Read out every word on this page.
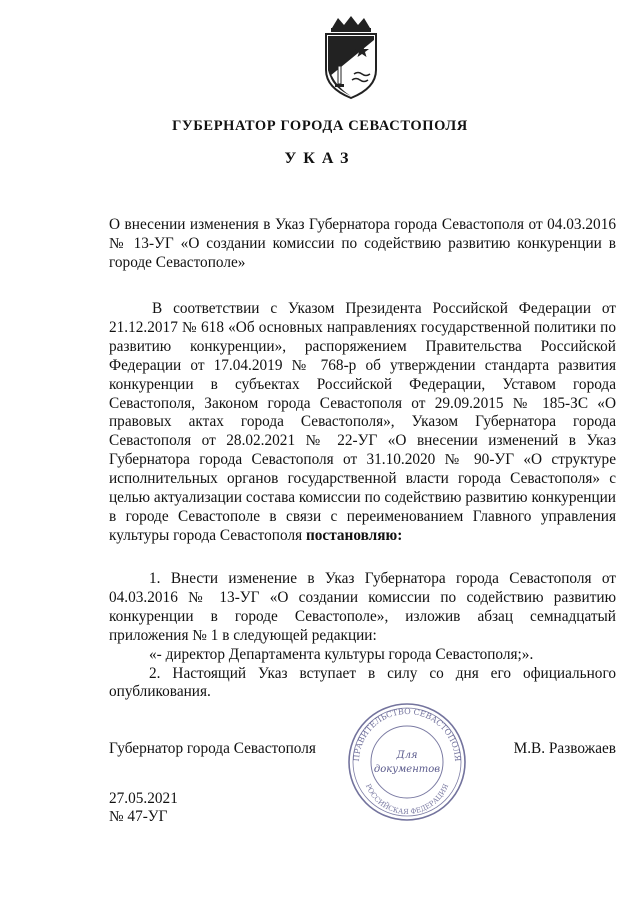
ГУБЕРНАТОР ГОРОДА СЕВАСТОПОЛЯ
УКАЗ
О внесении изменения в Указ Губернатора города Севастополя от 04.03.2016 № 13-УГ «О создании комиссии по содействию развитию конкуренции в городе Севастополе»

В соответствии с Указом Президента Российской Федерации от 21.12.2017 № 618 «Об основных направлениях государственной политики по развитию конкуренции», распоряжением Правительства Российской Федерации от 17.04.2019 № 768-р об утверждении стандарта развития конкуренции в субъектах Российской Федерации, Уставом города Севастополя, Законом города Севастополя от 29.09.2015 № 185-ЗС «О правовых актах города Севастополя», Указом Губернатора города Севастополя от 28.02.2021 № 22-УГ «О внесении изменений в Указ Губернатора города Севастополя от 31.10.2020 № 90-УГ «О структуре исполнительных органов государственной власти города Севастополя» с целью актуализации состава комиссии по содействию развитию конкуренции в городе Севастополе в связи с переименованием Главного управления культуры города Севастополя постановляю:

1. Внести изменение в Указ Губернатора города Севастополя от 04.03.2016 № 13-УГ «О создании комиссии по содействию развитию конкуренции в городе Севастополе», изложив абзац семнадцатый приложения № 1 в следующей редакции:

«- директор Департамента культуры города Севастополя;».

2. Настоящий Указ вступает в силу со дня его официального опубликования.

ПРАВИТЕЛЬСТВО СЕВАСТОПОЛЯ
РОССИЙСКАЯ ФЕДЕРАЦИЯ
Для
документов
Губернатор города Севастополя	М.В. Развожаев
27.05.2021
№ 47-УГ
